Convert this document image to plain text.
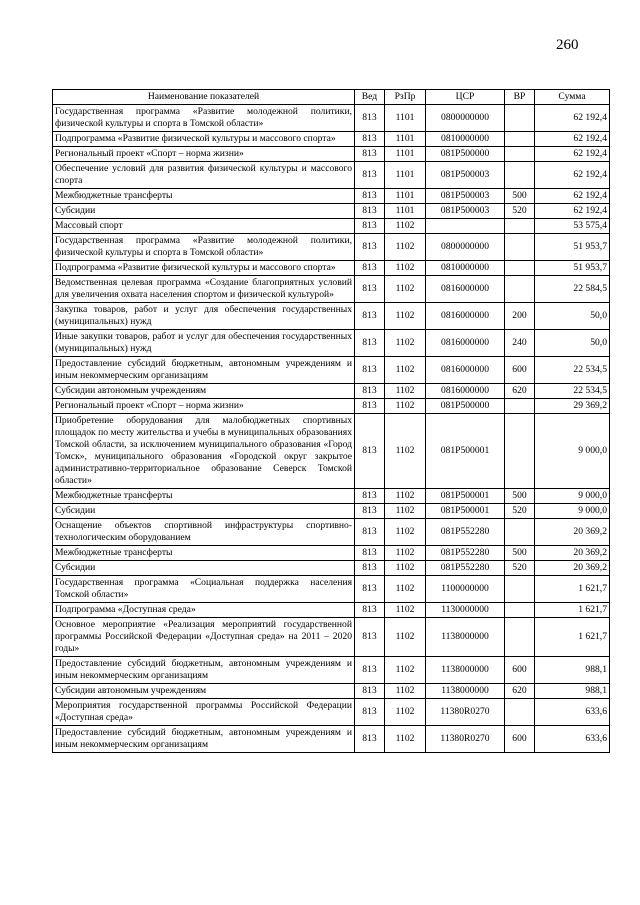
260
Наименование показателей	Вед	РзПр	ЦСР	ВР	Сумма
Государственная программа «Развитие молодежной политики, физической культуры и спорта в Томской области»	813	1101	0800000000		62 192,4
Подпрограмма «Развитие физической культуры и массового спорта»	813	1101	0810000000		62 192,4
Региональный проект «Спорт – норма жизни»	813	1101	081P500000		62 192,4
Обеспечение условий для развития физической культуры и массового спорта	813	1101	081P500003		62 192,4
Межбюджетные трансферты	813	1101	081P500003	500	62 192,4
Субсидии	813	1101	081P500003	520	62 192,4
Массовый спорт	813	1102			53 575,4
Государственная программа «Развитие молодежной политики, физической культуры и спорта в Томской области»	813	1102	0800000000		51 953,7
Подпрограмма «Развитие физической культуры и массового спорта»	813	1102	0810000000		51 953,7
Ведомственная целевая программа «Создание благоприятных условий для увеличения охвата населения спортом и физической культурой»	813	1102	0816000000		22 584,5
Закупка товаров, работ и услуг для обеспечения государственных (муниципальных) нужд	813	1102	0816000000	200	50,0
Иные закупки товаров, работ и услуг для обеспечения государственных (муниципальных) нужд	813	1102	0816000000	240	50,0
Предоставление субсидий бюджетным, автономным учреждениям и иным некоммерческим организациям	813	1102	0816000000	600	22 534,5
Субсидии автономным учреждениям	813	1102	0816000000	620	22 534,5
Региональный проект «Спорт – норма жизни»	813	1102	081P500000		29 369,2
Приобретение оборудования для малобюджетных спортивных площадок по месту жительства и учебы в муниципальных образованиях Томской области, за исключением муниципального образования «Город Томск», муниципального образования «Городской округ закрытое административно-территориальное образование Северск Томской области»	813	1102	081P500001		9 000,0
Межбюджетные трансферты	813	1102	081P500001	500	9 000,0
Субсидии	813	1102	081P500001	520	9 000,0
Оснащение объектов спортивной инфраструктуры спортивно-технологическим оборудованием	813	1102	081P552280		20 369,2
Межбюджетные трансферты	813	1102	081P552280	500	20 369,2
Субсидии	813	1102	081P552280	520	20 369,2
Государственная программа «Социальная поддержка населения Томской области»	813	1102	1100000000		1 621,7
Подпрограмма «Доступная среда»	813	1102	1130000000		1 621,7
Основное мероприятие «Реализация мероприятий государственной программы Российской Федерации «Доступная среда» на 2011 – 2020 годы»	813	1102	1138000000		1 621,7
Предоставление субсидий бюджетным, автономным учреждениям и иным некоммерческим организациям	813	1102	1138000000	600	988,1
Субсидии автономным учреждениям	813	1102	1138000000	620	988,1
Мероприятия государственной программы Российской Федерации «Доступная среда»	813	1102	11380R0270		633,6
Предоставление субсидий бюджетным, автономным учреждениям и иным некоммерческим организациям	813	1102	11380R0270	600	633,6
